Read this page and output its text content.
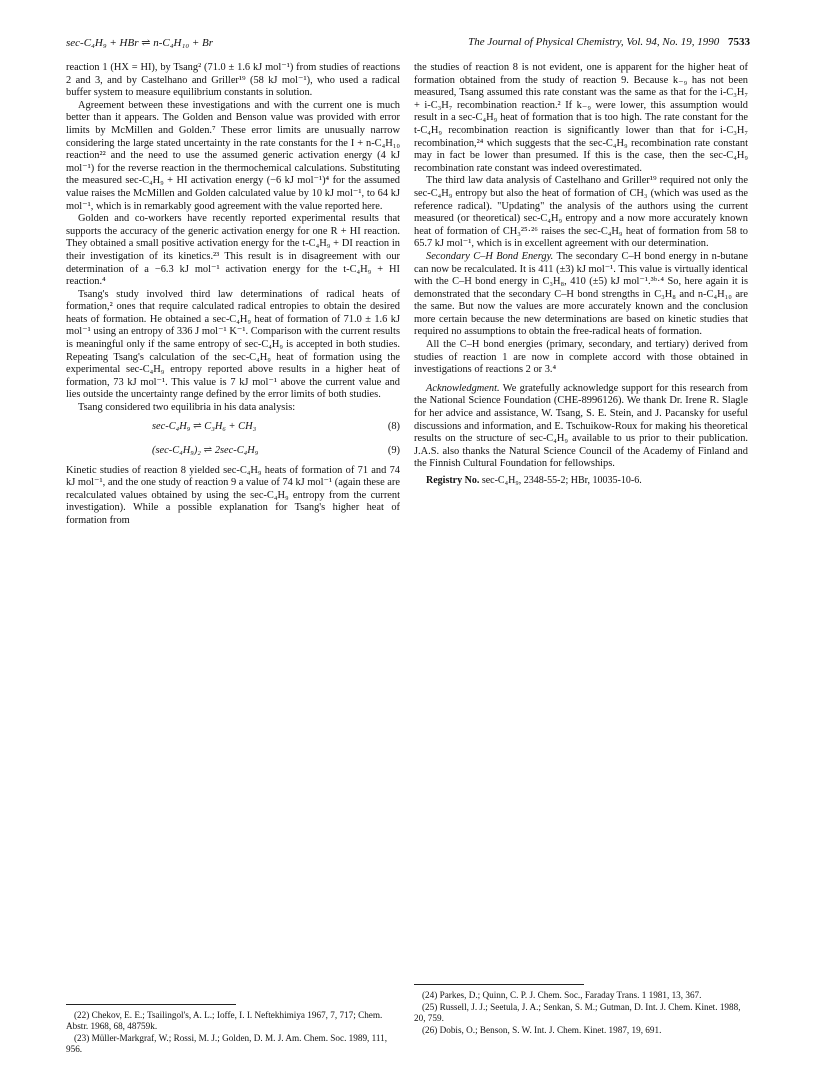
sec-C₄H₉ + HBr ⇌ n-C₄H₁₀ + Br	The Journal of Physical Chemistry, Vol. 94, No. 19, 1990 7533

reaction 1 (HX = HI), by Tsang² (71.0 ± 1.6 kJ mol⁻¹) from studies of reactions 2 and 3, and by Castelhano and Griller¹⁹ (58 kJ mol⁻¹), who used a radical buffer system to measure equilibrium constants in solution.

Agreement between these investigations and with the current one is much better than it appears. The Golden and Benson value was provided with error limits by McMillen and Golden.⁷ These error limits are unusually narrow considering the large stated uncertainty in the rate constants for the I + n-C₄H₁₀ reaction²² and the need to use the assumed generic activation energy (4 kJ mol⁻¹) for the reverse reaction in the thermochemical calculations. Substituting the measured sec-C₄H₉ + HI activation energy (−6 kJ mol⁻¹)⁴ for the assumed value raises the McMillen and Golden calculated value by 10 kJ mol⁻¹, to 64 kJ mol⁻¹, which is in remarkably good agreement with the value reported here.

Golden and co-workers have recently reported experimental results that supports the accuracy of the generic activation energy for one R + HI reaction. They obtained a small positive activation energy for the t-C₄H₉ + DI reaction in their investigation of its kinetics.²³ This result is in disagreement with our determination of a −6.3 kJ mol⁻¹ activation energy for the t-C₄H₉ + HI reaction.⁴

Tsang's study involved third law determinations of radical heats of formation,² ones that require calculated radical entropies to obtain the desired heats of formation. He obtained a sec-C₄H₉ heat of formation of 71.0 ± 1.6 kJ mol⁻¹ using an entropy of 336 J mol⁻¹ K⁻¹. Comparison with the current results is meaningful only if the same entropy of sec-C₄H₉ is accepted in both studies. Repeating Tsang's calculation of the sec-C₄H₉ heat of formation using the experimental sec-C₄H₉ entropy reported above results in a higher heat of formation, 73 kJ mol⁻¹. This value is 7 kJ mol⁻¹ above the current value and lies outside the uncertainty range defined by the error limits of both studies.

Tsang considered two equilibria in his data analysis:

sec-C₄H₉ ⇌ C₃H₆ + CH₃	(8)
(sec-C₄H₉)₂ ⇌ 2sec-C₄H₉	(9)

Kinetic studies of reaction 8 yielded sec-C₄H₉ heats of formation of 71 and 74 kJ mol⁻¹, and the one study of reaction 9 a value of 74 kJ mol⁻¹ (again these are recalculated values obtained by using the sec-C₄H₉ entropy from the current investigation). While a possible explanation for Tsang's higher heat of formation from

(22) Chekov, E. E.; Tsailingol's, A. L.; Ioffe, I. I. Neftekhimiya 1967, 7, 717; Chem. Abstr. 1968, 68, 48759k.
(23) Müller-Markgraf, W.; Rossi, M. J.; Golden, D. M. J. Am. Chem. Soc. 1989, 111, 956.

the studies of reaction 8 is not evident, one is apparent for the higher heat of formation obtained from the study of reaction 9. Because k₋₉ has not been measured, Tsang assumed this rate constant was the same as that for the i-C₃H₇ + i-C₃H₇ recombination reaction.² If k₋₉ were lower, this assumption would result in a sec-C₄H₉ heat of formation that is too high. The rate constant for the t-C₄H₉ recombination reaction is significantly lower than that for i-C₃H₇ recombination,²⁴ which suggests that the sec-C₄H₉ recombination rate constant may in fact be lower than presumed. If this is the case, then the sec-C₄H₉ recombination rate constant was indeed overestimated.

The third law data analysis of Castelhano and Griller¹⁹ required not only the sec-C₄H₉ entropy but also the heat of formation of CH₃ (which was used as the reference radical). "Updating" the analysis of the authors using the current measured (or theoretical) sec-C₄H₉ entropy and a now more accurately known heat of formation of CH₃²⁵·²⁶ raises the sec-C₄H₉ heat of formation from 58 to 65.7 kJ mol⁻¹, which is in excellent agreement with our determination.

Secondary C–H Bond Energy. The secondary C–H bond energy in n-butane can now be recalculated. It is 411 (±3) kJ mol⁻¹. This value is virtually identical with the C–H bond energy in C₃H₈, 410 (±5) kJ mol⁻¹.³ᵇ·⁴ So, here again it is demonstrated that the secondary C–H bond strengths in C₃H₈ and n-C₄H₁₀ are the same. But now the values are more accurately known and the conclusion more certain because the new determinations are based on kinetic studies that required no assumptions to obtain the free-radical heats of formation.

All the C–H bond energies (primary, secondary, and tertiary) derived from studies of reaction 1 are now in complete accord with those obtained in investigations of reactions 2 or 3.⁴

Acknowledgment. We gratefully acknowledge support for this research from the National Science Foundation (CHE-8996126). We thank Dr. Irene R. Slagle for her advice and assistance, W. Tsang, S. E. Stein, and J. Pacansky for useful discussions and information, and E. Tschuikow-Roux for making his theoretical results on the structure of sec-C₄H₉ available to us prior to their publication. J.A.S. also thanks the Natural Science Council of the Academy of Finland and the Finnish Cultural Foundation for fellowships.

Registry No. sec-C₄H₉, 2348-55-2; HBr, 10035-10-6.

(24) Parkes, D.; Quinn, C. P. J. Chem. Soc., Faraday Trans. 1 1981, 13, 367.
(25) Russell, J. J.; Seetula, J. A.; Senkan, S. M.; Gutman, D. Int. J. Chem. Kinet. 1988, 20, 759.
(26) Dobis, O.; Benson, S. W. Int. J. Chem. Kinet. 1987, 19, 691.
